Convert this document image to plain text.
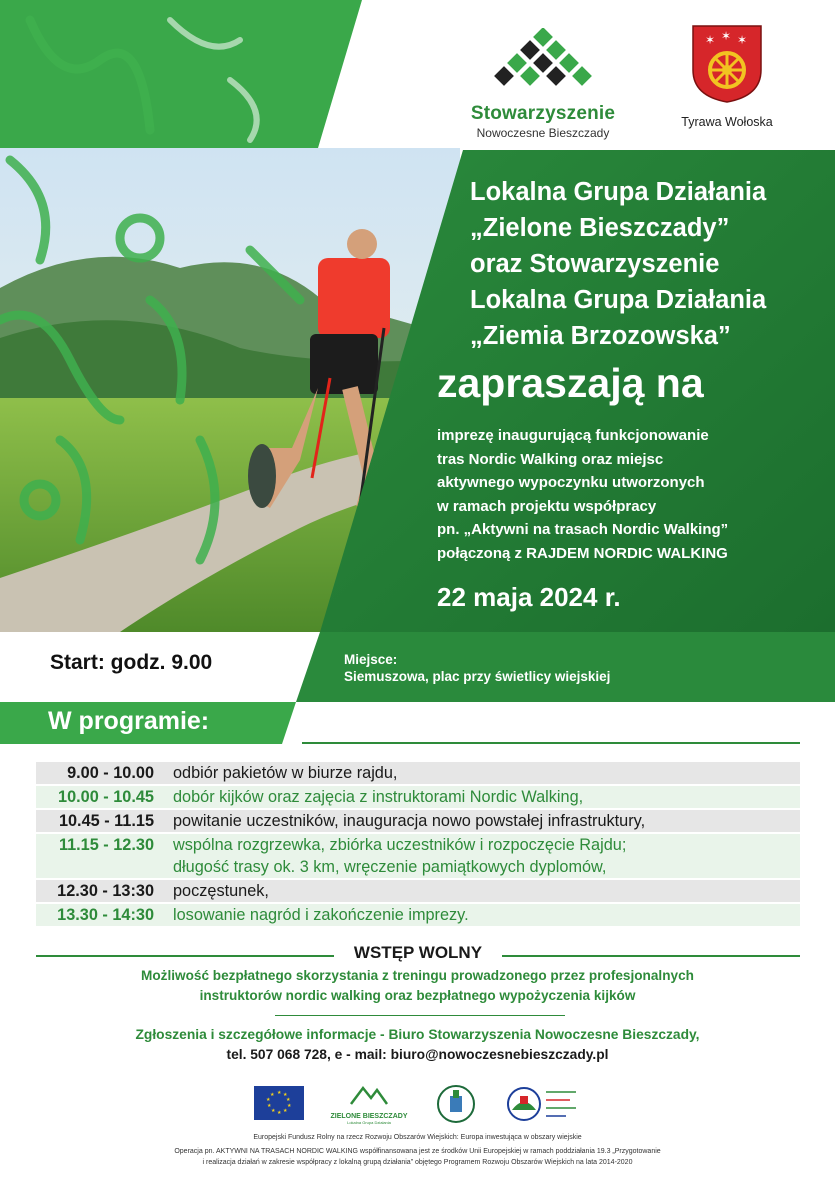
Stowarzyszenie
Nowoczesne Bieszczady
✶ ✶ ✶
Tyrawa Wołoska
Lokalna Grupa Działania
„Zielone Bieszczady”
oraz Stowarzyszenie
Lokalna Grupa Działania
„Ziemia Brzozowska”
zapraszają na
imprezę inaugurującą funkcjonowanie
tras Nordic Walking oraz miejsc
aktywnego wypoczynku utworzonych
w ramach projektu współpracy
pn. „Aktywni na trasach Nordic Walking”
połączoną z RAJDEM NORDIC WALKING
22 maja 2024 r.
Start: godz. 9.00	Miejsce:
Siemuszowa, plac przy świetlicy wiejskiej
W programie:
9.00 - 10.00 odbiór pakietów w biurze rajdu,
10.00 - 10.45 dobór kijków oraz zajęcia z instruktorami Nordic Walking,
10.45 - 11.15 powitanie uczestników, inauguracja nowo powstałej infrastruktury,
11.15 - 12.30 wspólna rozgrzewka, zbiórka uczestników i rozpoczęcie Rajdu;
długość trasy ok. 3 km, wręczenie pamiątkowych dyplomów,
12.30 - 13:30 poczęstunek,
13.30 - 14:30 losowanie nagród i zakończenie imprezy.
WSTĘP WOLNY
Możliwość bezpłatnego skorzystania z treningu prowadzonego przez profesjonalnych
instruktorów nordic walking oraz bezpłatnego wypożyczenia kijków
Zgłoszenia i szczegółowe informacje - Biuro Stowarzyszenia Nowoczesne Bieszczady,
tel. 507 068 728, e - mail: biuro@nowoczesnebieszczady.pl
★ ★
★
★
★
★
★
★
★
★
ZIELONE BIESZCZADY
Lokalna Grupa Działania
Europejski Fundusz Rolny na rzecz Rozwoju Obszarów Wiejskich: Europa inwestująca w obszary wiejskie
Operacja pn. AKTYWNI NA TRASACH NORDIC WALKING współfinansowana jest ze środków Unii Europejskiej w ramach poddziałania 19.3 „Przygotowanie
i realizacja działań w zakresie współpracy z lokalną grupą działania” objętego Programem Rozwoju Obszarów Wiejskich na lata 2014-2020
